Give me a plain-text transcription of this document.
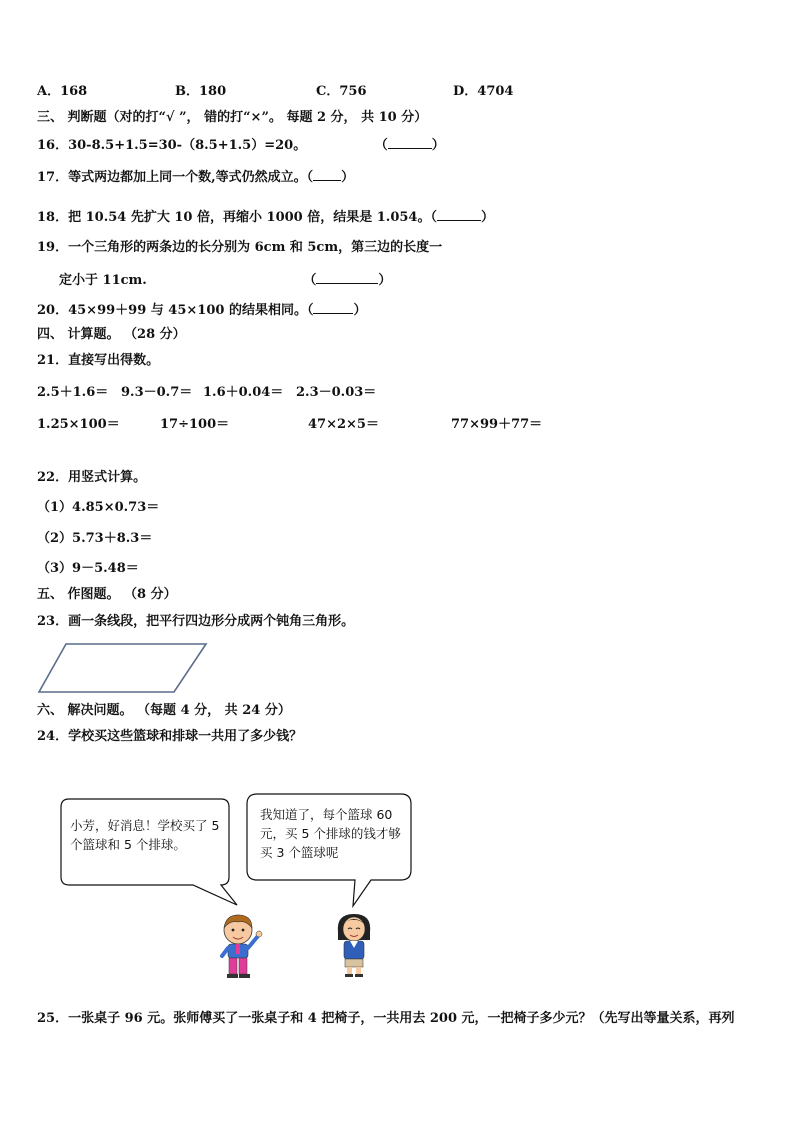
A．168	B．180	C．756	D．4704
三、 判断题（对的打“√ ”， 错的打“×”。 每题 2 分， 共 10 分）
16．30-8.5+1.5=30-（8.5+1.5）=20。	（	）
17．等式两边都加上同一个数,等式仍然成立。（ ）
18．把 10.54 先扩大 10 倍，再缩小 1000 倍，结果是 1.054。（	）
19．一个三角形的两条边的长分别为 6cm 和 5cm，第三边的长度一
定小于 11cm.	（	）
20．45×99＋99 与 45×100 的结果相同。（	）
四、 计算题。 （28 分）
21．直接写出得数。
2.5＋1.6＝ 9.3－0.7＝ 1.6＋0.04＝ 2.3－0.03＝
1.25×100＝	17÷100＝	47×2×5＝	77×99＋77＝
22．用竖式计算。
（1）4.85×0.73＝
（2）5.73＋8.3＝
（3）9－5.48＝
五、 作图题。 （8 分）
23．画一条线段，把平行四边形分成两个钝角三角形。
六、 解决问题。 （每题 4 分， 共 24 分）
24．学校买这些篮球和排球一共用了多少钱？
小芳，好消息！学校买了 5 个篮球和 5 个排球。
我知道了，每个篮球 60 元，买 5 个排球的钱才够买 3 个篮球呢
25．一张桌子 96 元。张师傅买了一张桌子和 4 把椅子，一共用去 200 元，一把椅子多少元？（先写出等量关系，再列
